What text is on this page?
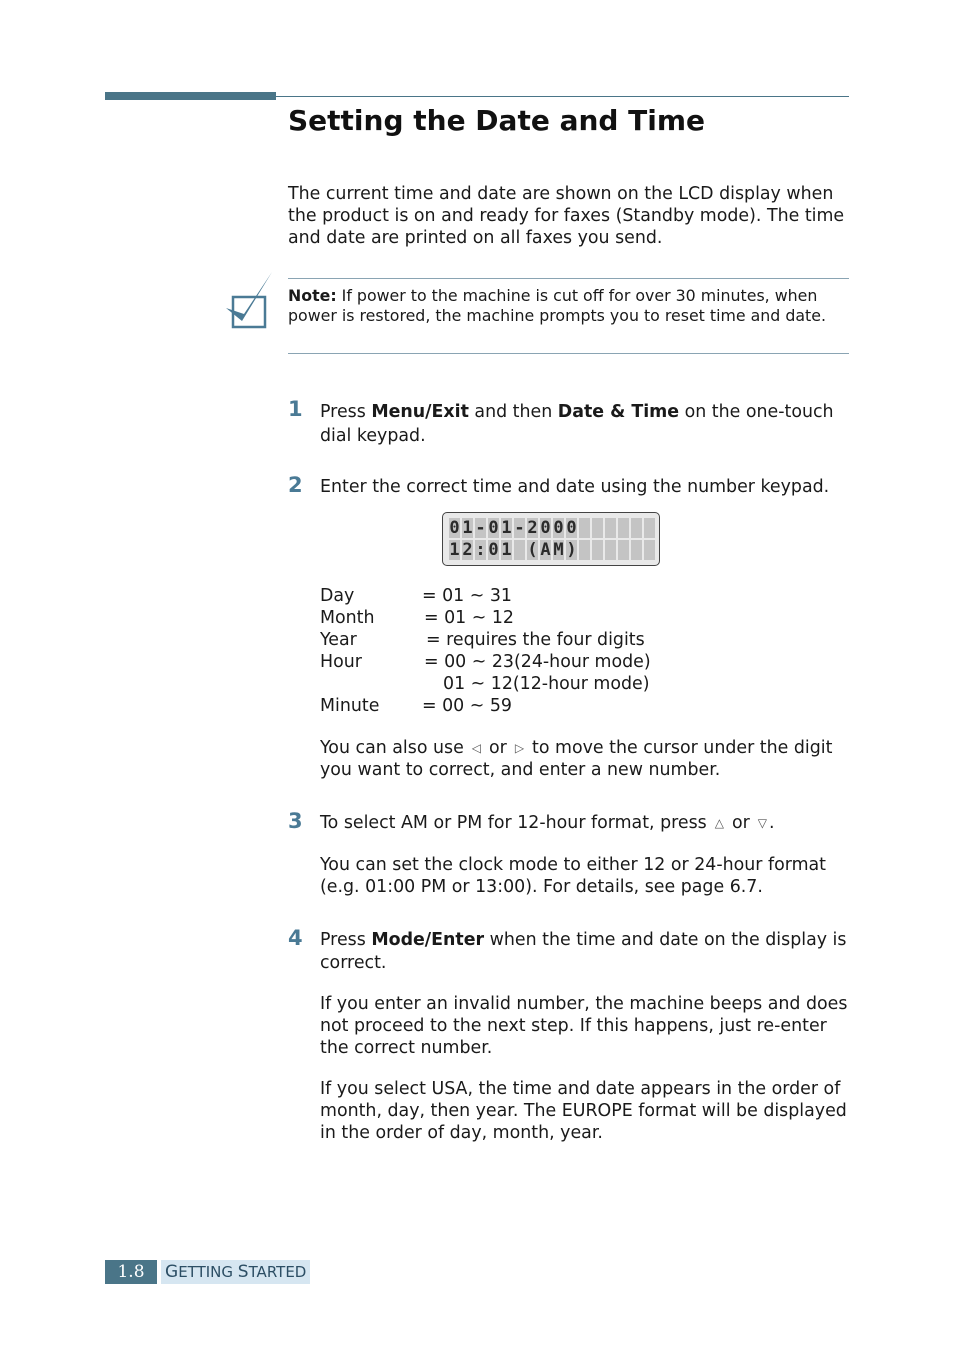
Setting the Date and Time
The current time and date are shown on the LCD display when the product is on and ready for faxes (Standby mode). The time and date are printed on all faxes you send.
Note: If power to the machine is cut off for over 30 minutes, when power is restored, the machine prompts you to reset time and date.
1 Press Menu/Exit and then Date & Time on the one-touch dial keypad.
2 Enter the correct time and date using the number keypad.
0 1 - 0 1 - 2 0 0 0
1 2 : 0 1 ( A M )
Day	= 01 ~ 31
Month	= 01 ~ 12
Year	= requires the four digits
Hour	= 00 ~ 23(24-hour mode)
01 ~ 12(12-hour mode)
Minute = 00 ~ 59
You can also use ◁ or ▷ to move the cursor under the digit you want to correct, and enter a new number.
3 To select AM or PM for 12-hour format, press △ or ▽ .
You can set the clock mode to either 12 or 24-hour format (e.g. 01:00 PM or 13:00). For details, see page 6.7.
4 Press Mode/Enter when the time and date on the display is correct.
If you enter an invalid number, the machine beeps and does not proceed to the next step. If this happens, just re-enter the correct number.
If you select USA, the time and date appears in the order of month, day, then year. The EUROPE format will be displayed in the order of day, month, year.
1.8	GETTING STARTED
